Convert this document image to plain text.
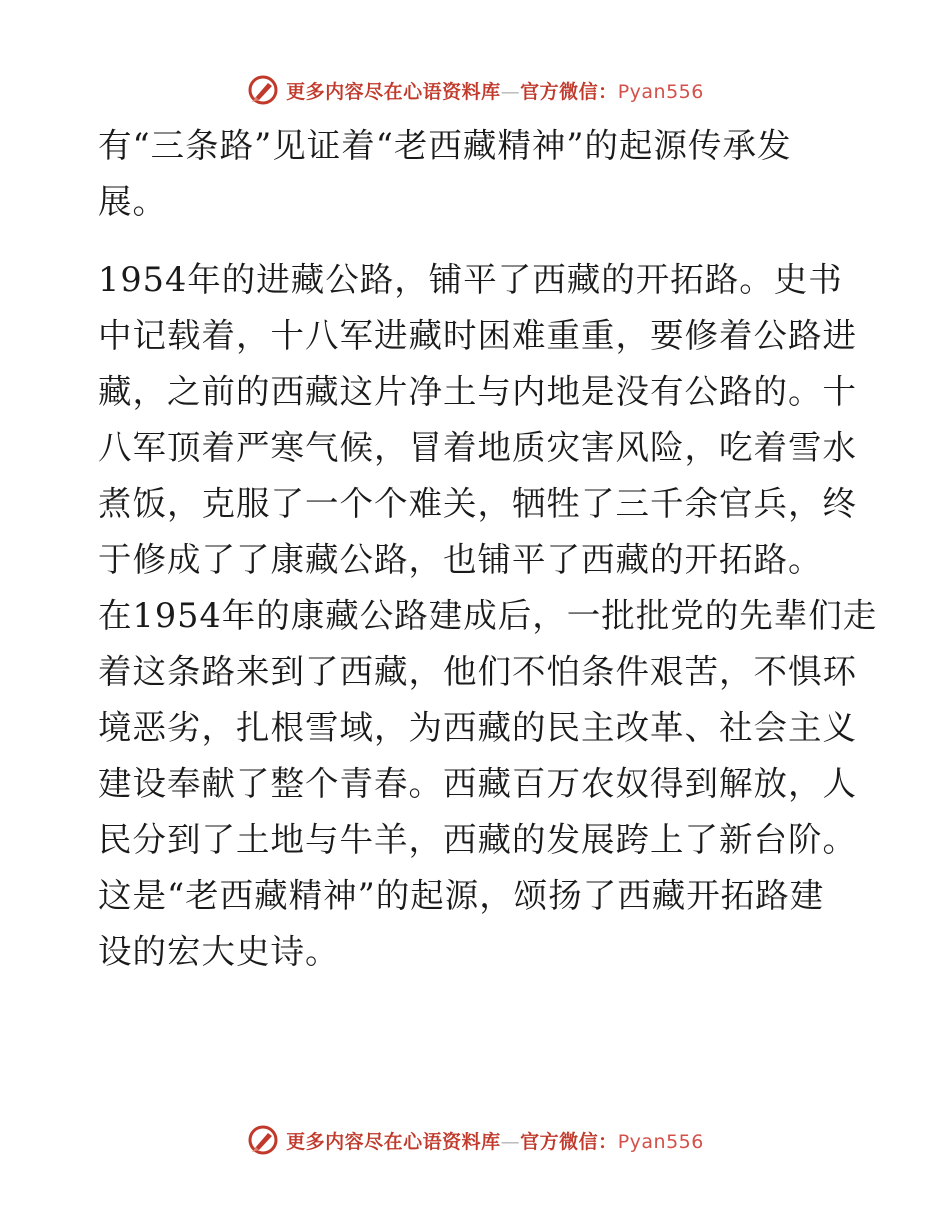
更多内容尽在心语资料库—官方微信：Pyan556
有“三条路”见证着“老西藏精神”的起源传承发
展。
1954年的进藏公路，铺平了西藏的开拓路。史书
中记载着，十八军进藏时困难重重，要修着公路进
藏，之前的西藏这片净土与内地是没有公路的。十
八军顶着严寒气候，冒着地质灾害风险，吃着雪水
煮饭，克服了一个个难关，牺牲了三千余官兵，终
于修成了了康藏公路，也铺平了西藏的开拓路。
在1954年的康藏公路建成后，一批批党的先辈们走
着这条路来到了西藏，他们不怕条件艰苦，不惧环
境恶劣，扎根雪域，为西藏的民主改革、社会主义
建设奉献了整个青春。西藏百万农奴得到解放，人
民分到了土地与牛羊，西藏的发展跨上了新台阶。
这是“老西藏精神”的起源，颂扬了西藏开拓路建
设的宏大史诗。
更多内容尽在心语资料库—官方微信：Pyan556
